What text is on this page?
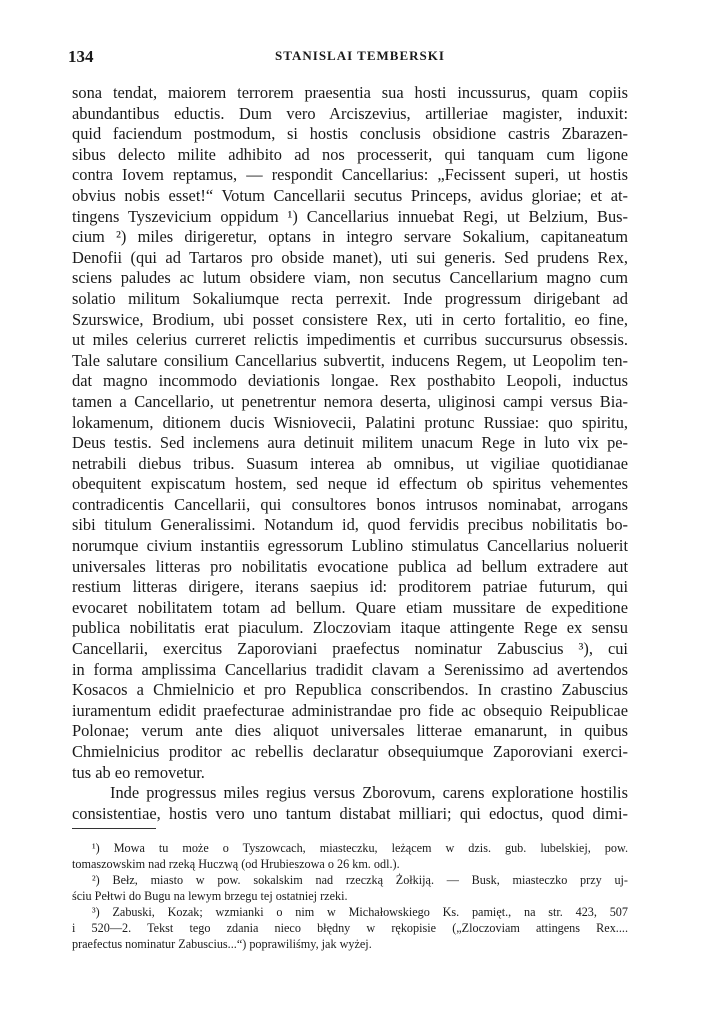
134	STANISLAI TEMBERSKI
sona tendat, maiorem terrorem praesentia sua hosti incussurus, quam copiis
abundantibus eductis. Dum vero Arciszevius, artilleriae magister, induxit:
quid faciendum postmodum, si hostis conclusis obsidione castris Zbarazen-
sibus delecto milite adhibito ad nos processerit, qui tanquam cum ligone
contra Iovem reptamus, — respondit Cancellarius: „Fecissent superi, ut hostis
obvius nobis esset!“ Votum Cancellarii secutus Princeps, avidus gloriae; et at-
tingens Tyszevicium oppidum ¹) Cancellarius innuebat Regi, ut Belzium, Bus-
cium ²) miles dirigeretur, optans in integro servare Sokalium, capitaneatum
Denofii (qui ad Tartaros pro obside manet), uti sui generis. Sed prudens Rex,
sciens paludes ac lutum obsidere viam, non secutus Cancellarium magno cum
solatio militum Sokaliumque recta perrexit. Inde progressum dirigebant ad
Szurswice, Brodium, ubi posset consistere Rex, uti in certo fortalitio, eo fine,
ut miles celerius curreret relictis impedimentis et curribus succursurus obsessis.
Tale salutare consilium Cancellarius subvertit, inducens Regem, ut Leopolim ten-
dat magno incommodo deviationis longae. Rex posthabito Leopoli, inductus
tamen a Cancellario, ut penetrentur nemora deserta, uliginosi campi versus Bia-
lokamenum, ditionem ducis Wisniovecii, Palatini protunc Russiae: quo spiritu,
Deus testis. Sed inclemens aura detinuit militem unacum Rege in luto vix pe-
netrabili diebus tribus. Suasum interea ab omnibus, ut vigiliae quotidianae
obequitent expiscatum hostem, sed neque id effectum ob spiritus vehementes
contradicentis Cancellarii, qui consultores bonos intrusos nominabat, arrogans
sibi titulum Generalissimi. Notandum id, quod fervidis precibus nobilitatis bo-
norumque civium instantiis egressorum Lublino stimulatus Cancellarius noluerit
universales litteras pro nobilitatis evocatione publica ad bellum extradere aut
restium litteras dirigere, iterans saepius id: proditorem patriae futurum, qui
evocaret nobilitatem totam ad bellum. Quare etiam mussitare de expeditione
publica nobilitatis erat piaculum. Zloczoviam itaque attingente Rege ex sensu
Cancellarii, exercitus Zaporoviani praefectus nominatur Zabuscius ³), cui
in forma amplissima Cancellarius tradidit clavam a Serenissimo ad avertendos
Kosacos a Chmielnicio et pro Republica conscribendos. In crastino Zabuscius
iuramentum edidit praefecturae administrandae pro fide ac obsequio Reipublicae
Polonae; verum ante dies aliquot universales litterae emanarunt, in quibus
Chmielnicius proditor ac rebellis declaratur obsequiumque Zaporoviani exerci-
tus ab eo removetur.
Inde progressus miles regius versus Zborovum, carens exploratione hostilis
consistentiae, hostis vero uno tantum distabat milliari; qui edoctus, quod dimi-
¹) Mowa tu może o Tyszowcach, miasteczku, leżącem w dzis. gub. lubelskiej, pow.
tomaszowskim nad rzeką Huczwą (od Hrubieszowa o 26 km. odl.).
²) Bełz, miasto w pow. sokalskim nad rzeczką Żołkiją. — Busk, miasteczko przy uj-
ściu Pełtwi do Bugu na lewym brzegu tej ostatniej rzeki.
³) Zabuski, Kozak; wzmianki o nim w Michałowskiego Ks. pamięt., na str. 423, 507
i 520—2. Tekst tego zdania nieco błędny w rękopisie („Zloczoviam attingens Rex....
praefectus nominatur Zabuscius...“) poprawiliśmy, jak wyżej.
